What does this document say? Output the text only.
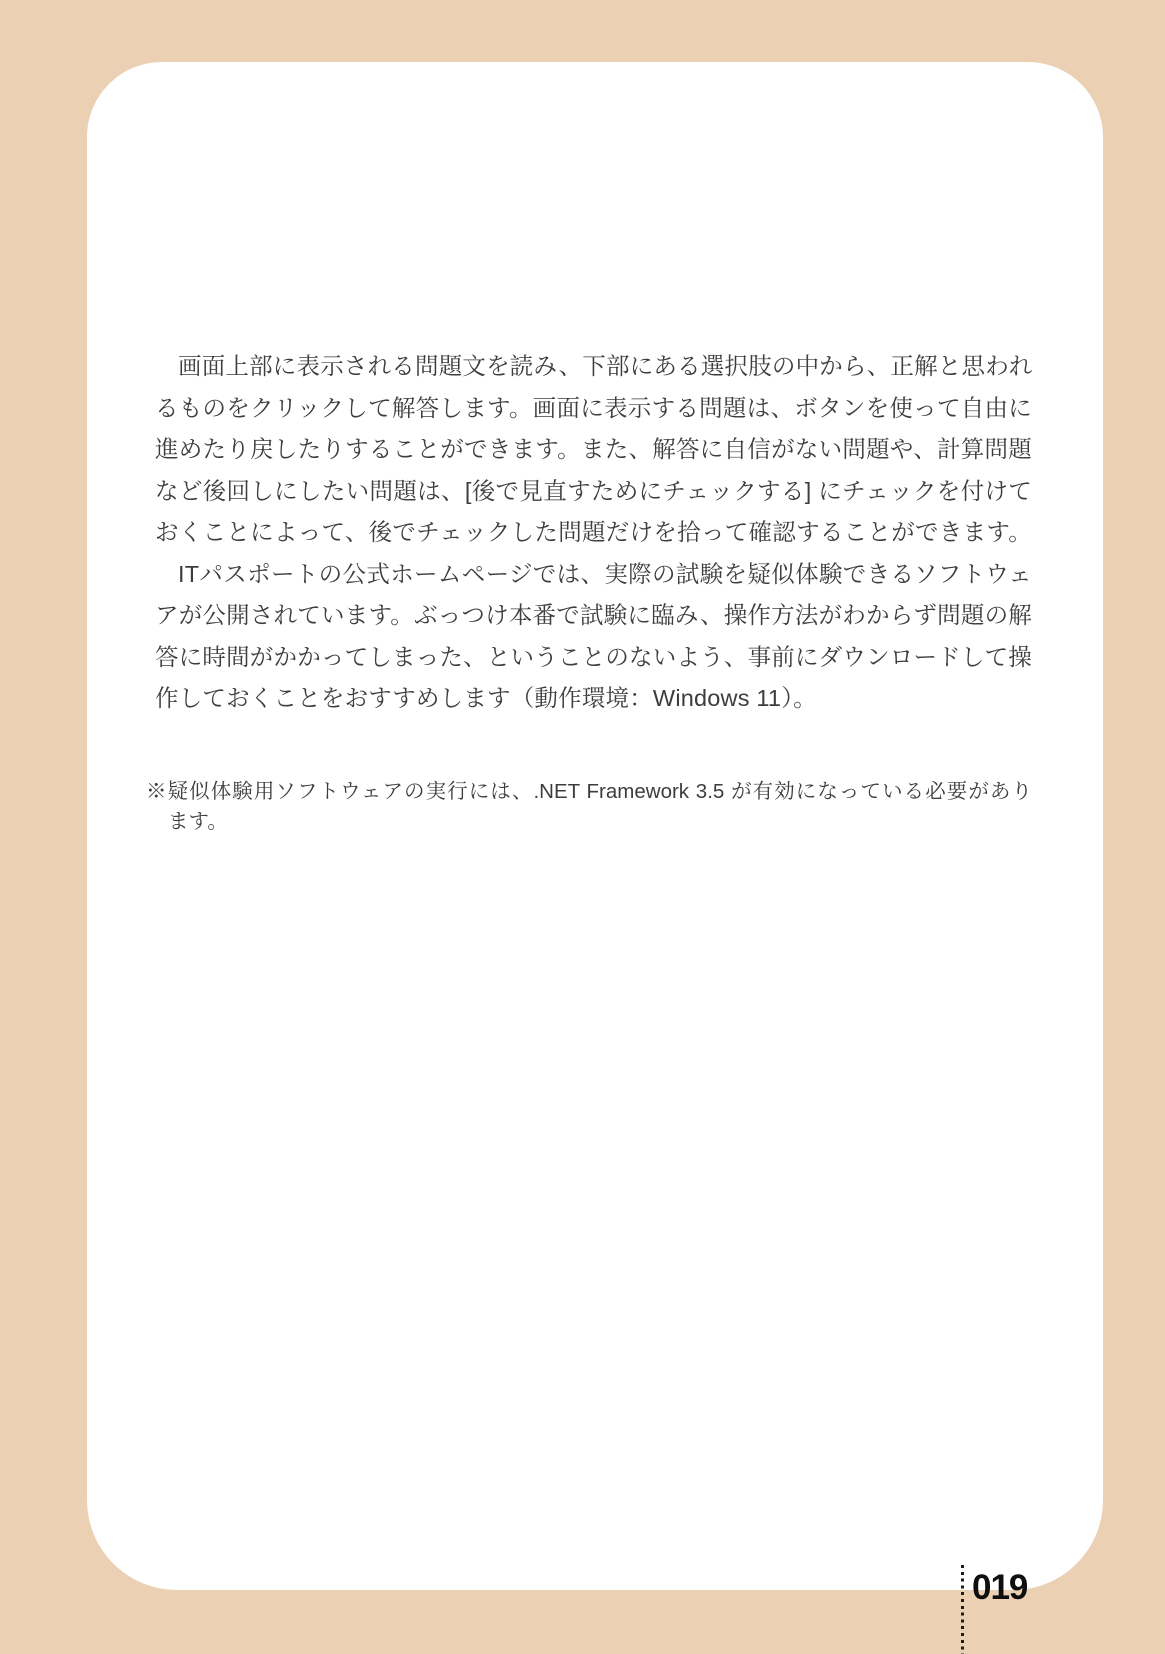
画面上部に表示される問題文を読み、下部にある選択肢の中から、正解と思われ

るものをクリックして解答します。画面に表示する問題は、ボタンを使って自由に

進めたり戻したりすることができます。また、解答に自信がない問題や、計算問題

など後回しにしたい問題は、[後で見直すためにチェックする] にチェックを付けて

おくことによって、後でチェックした問題だけを拾って確認することができます。

ITパスポートの公式ホームページでは、実際の試験を疑似体験できるソフトウェ

アが公開されています。ぶっつけ本番で試験に臨み、操作方法がわからず問題の解

答に時間がかかってしまった、ということのないよう、事前にダウンロードして操

作しておくことをおすすめします（動作環境：Windows 11）。

※疑似体験用ソフトウェアの実行には、.NET Framework 3.5 が有効になっている必要があり

ます。

019
